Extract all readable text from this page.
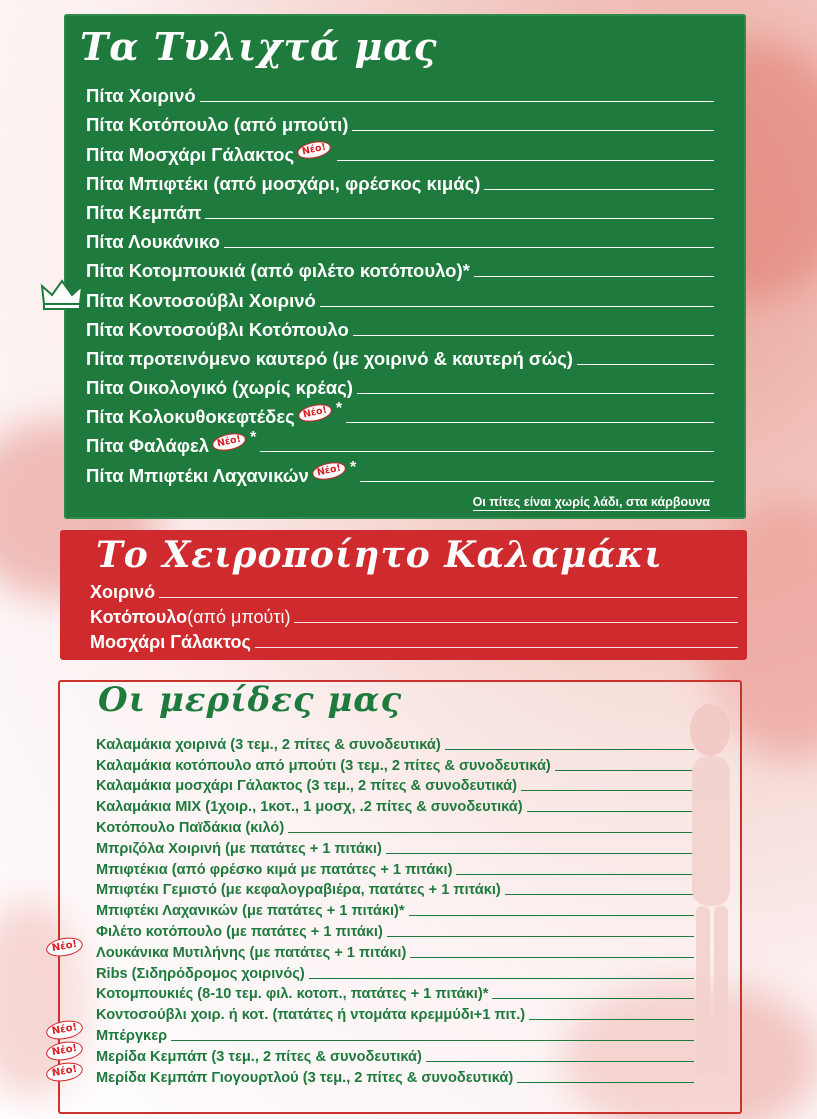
Τα Τυλιχτά μας
Πίτα Χοιρινό
Πίτα Κοτόπουλο (από μπούτι)
Πίτα Μοσχάρι Γάλακτος Νέο!
Πίτα Μπιφτέκι (από μοσχάρι, φρέσκος κιμάς)
Πίτα Κεμπάπ
Πίτα Λουκάνικο
Πίτα Κοτομπουκιά (από φιλέτο κοτόπουλο)*
Πίτα Κοντοσούβλι Χοιρινό
Πίτα Κοντοσούβλι Κοτόπουλο
Πίτα προτεινόμενο καυτερό (με χοιρινό & καυτερή σώς)
Πίτα Οικολογικό (χωρίς κρέας)
Πίτα Κολοκυθοκεφτέδες Νέο! *
Πίτα Φαλάφελ Νέο! *
Πίτα Μπιφτέκι Λαχανικών Νέο! *
Οι πίτες είναι χωρίς λάδι, στα κάρβουνα
Το Χειροποίητο Καλαμάκι
Χοιρινό
Κοτόπουλο (από μπούτι)
Μοσχάρι Γάλακτος
Οι μερίδες μας
Καλαμάκια χοιρινά (3 τεμ., 2 πίτες & συνοδευτικά)
Καλαμάκια κοτόπουλο από μπούτι (3 τεμ., 2 πίτες & συνοδευτικά)
Καλαμάκια μοσχάρι Γάλακτος (3 τεμ., 2 πίτες & συνοδευτικά)
Καλαμάκια MIX (1χοιρ., 1κοτ., 1 μοσχ, .2 πίτες & συνοδευτικά)
Κοτόπουλο Παϊδάκια (κιλό)
Μπριζόλα Χοιρινή (με πατάτες + 1 πιτάκι)
Μπιφτέκια (από φρέσκο κιμά με πατάτες + 1 πιτάκι)
Μπιφτέκι Γεμιστό (με κεφαλογραβιέρα, πατάτες + 1 πιτάκι)
Μπιφτέκι Λαχανικών (με πατάτες + 1 πιτάκι)*
Φιλέτο κοτόπουλο (με πατάτες + 1 πιτάκι)
Λουκάνικα Μυτιλήνης (με πατάτες + 1 πιτάκι)
Ribs (Σιδηρόδρομος χοιρινός)
Κοτομπουκιές (8-10 τεμ. φιλ. κοτοπ., πατάτες + 1 πιτάκι)*
Κοντοσούβλι χοιρ. ή κοτ. (πατάτες ή ντομάτα κρεμμύδι+1 πιτ.)
Μπέργκερ
Μερίδα Κεμπάπ (3 τεμ., 2 πίτες & συνοδευτικά)
Μερίδα Κεμπάπ Γιογουρτλού (3 τεμ., 2 πίτες & συνοδευτικά)
Νέο!
Νέο!
Νέο!
Νέο!
